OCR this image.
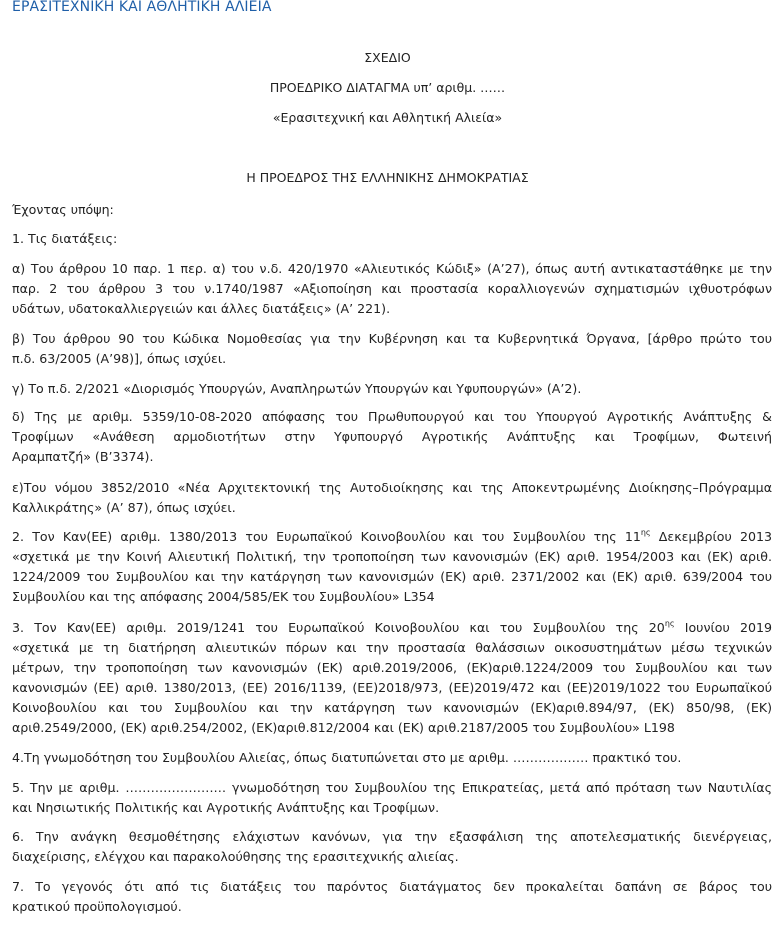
ΕΡΑΣΙΤΕΧΝΙΚΗ ΚΑΙ ΑΘΛΗΤΙΚΗ ΑΛΙΕΙΑ
ΣΧΕΔΙΟ
ΠΡΟΕΔΡΙΚΟ ΔΙΑΤΑΓΜΑ υπ’ αριθμ. ……
«Ερασιτεχνική και Αθλητική Αλιεία»
Η ΠΡΟΕΔΡΟΣ ΤΗΣ ΕΛΛΗΝΙΚΗΣ ΔΗΜΟΚΡΑΤΙΑΣ
Έχοντας υπόψη:
1. Τις διατάξεις:
α) Του άρθρου 10 παρ. 1 περ. α) του ν.δ. 420/1970 «Αλιευτικός Κώδιξ» (Α’27), όπως αυτή αντικαταστάθηκε με την
παρ. 2 του άρθρου 3 του ν.1740/1987 «Αξιοποίηση και προστασία κοραλλιογενών σχηματισμών ιχθυοτρόφων
υδάτων, υδατοκαλλιεργειών και άλλες διατάξεις» (Α’ 221).
β) Του άρθρου 90 του Κώδικα Νομοθεσίας για την Κυβέρνηση και τα Κυβερνητικά Όργανα, [άρθρο πρώτο του
π.δ. 63/2005 (Α’98)], όπως ισχύει.
γ) Το π.δ. 2/2021 «Διορισμός Υπουργών, Αναπληρωτών Υπουργών και Υφυπουργών» (Α’2).
δ) Της με αριθμ. 5359/10-08-2020 απόφασης του Πρωθυπουργού και του Υπουργού Αγροτικής Ανάπτυξης &
Τροφίμων «Ανάθεση αρμοδιοτήτων στην Υφυπουργό Αγροτικής Ανάπτυξης και Τροφίμων, Φωτεινή
Αραμπατζή» (Β’3374).
ε)Του νόμου 3852/2010 «Νέα Αρχιτεκτονική της Αυτοδιοίκησης και της Αποκεντρωμένης Διοίκησης–Πρόγραμμα
Καλλικράτης» (Α’ 87), όπως ισχύει.
2. Τον Καν(ΕΕ) αριθμ. 1380/2013 του Ευρωπαϊκού Κοινοβουλίου και του Συμβουλίου της $11^{\eta\varsigma}$ Δεκεμβρίου 2013
«σχετικά με την Κοινή Αλιευτική Πολιτική, την τροποποίηση των κανονισμών (ΕΚ) αριθ. 1954/2003 και (ΕΚ) αριθ.
1224/2009 του Συμβουλίου και την κατάργηση των κανονισμών (ΕΚ) αριθ. 2371/2002 και (ΕΚ) αριθ. 639/2004 του
Συμβουλίου και της απόφασης 2004/585/ΕΚ του Συμβουλίου» L354
3. Τον Καν(ΕΕ) αριθμ. 2019/1241 του Ευρωπαϊκού Κοινοβουλίου και του Συμβουλίου της $20^{\eta\varsigma}$ Ιουνίου 2019
«σχετικά με τη διατήρηση αλιευτικών πόρων και την προστασία θαλάσσιων οικοσυστημάτων μέσω τεχνικών
μέτρων, την τροποποίηση των κανονισμών (ΕΚ) αριθ.2019/2006, (ΕΚ)αριθ.1224/2009 του Συμβουλίου και των
κανονισμών (ΕΕ) αριθ. 1380/2013, (ΕΕ) 2016/1139, (ΕΕ)2018/973, (ΕΕ)2019/472 και (ΕΕ)2019/1022 του Ευρωπαϊκού
Κοινοβουλίου και του Συμβουλίου και την κατάργηση των κανονισμών (ΕΚ)αριθ.894/97, (ΕΚ) 850/98, (ΕΚ)
αριθ.2549/2000, (ΕΚ) αριθ.254/2002, (ΕΚ)αριθ.812/2004 και (ΕΚ) αριθ.2187/2005 του Συμβουλίου» L198
4.Τη γνωμοδότηση του Συμβουλίου Αλιείας, όπως διατυπώνεται στο με αριθμ. ……………… πρακτικό του.
5. Την με αριθμ. …………………… γνωμοδότηση του Συμβουλίου της Επικρατείας, μετά από πρόταση των Ναυτιλίας
και Νησιωτικής Πολιτικής και Αγροτικής Ανάπτυξης και Τροφίμων.
6. Την ανάγκη θεσμοθέτησης ελάχιστων κανόνων, για την εξασφάλιση της αποτελεσματικής διενέργειας,
διαχείρισης, ελέγχου και παρακολούθησης της ερασιτεχνικής αλιείας.
7. Το γεγονός ότι από τις διατάξεις του παρόντος διατάγματος δεν προκαλείται δαπάνη σε βάρος του
κρατικού προϋπολογισμού.
